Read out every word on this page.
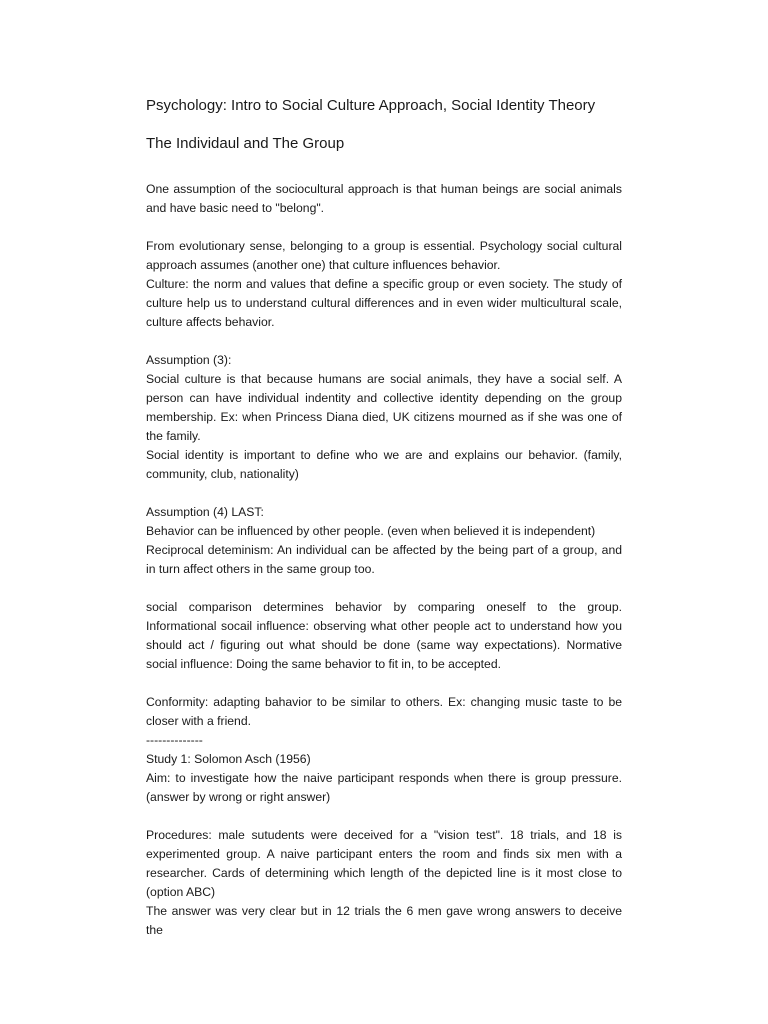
Psychology: Intro to Social Culture Approach, Social Identity Theory
The Individaul and The Group
One assumption of the sociocultural approach is that human beings are social animals and have basic need to "belong".
From evolutionary sense, belonging to a group is essential. Psychology social cultural approach assumes (another one) that culture influences behavior.
Culture: the norm and values that define a specific group or even society. The study of culture help us to understand cultural differences and in even wider multicultural scale, culture affects behavior.
Assumption (3):
Social culture is that because humans are social animals, they have a social self. A person can have individual indentity and collective identity depending on the group membership. Ex: when Princess Diana died, UK citizens mourned as if she was one of the family.
Social identity is important to define who we are and explains our behavior. (family, community, club, nationality)
Assumption (4) LAST:
Behavior can be influenced by other people. (even when believed it is independent)
Reciprocal deteminism: An individual can be affected by the being part of a group, and in turn affect others in the same group too.
social comparison determines behavior by comparing oneself to the group. Informational socail influence: observing what other people act to understand how you should act / figuring out what should be done (same way expectations). Normative social influence: Doing the same behavior to fit in, to be accepted.
Conformity: adapting bahavior to be similar to others. Ex: changing music taste to be closer with a friend.
--------------
Study 1: Solomon Asch (1956)
Aim: to investigate how the naive participant responds when there is group pressure. (answer by wrong or right answer)
Procedures: male sutudents were deceived for a "vision test". 18 trials, and 18 is experimented group. A naive participant enters the room and finds six men with a researcher. Cards of determining which length of the depicted line is it most close to (option ABC)
The answer was very clear but in 12 trials the 6 men gave wrong answers to deceive the
